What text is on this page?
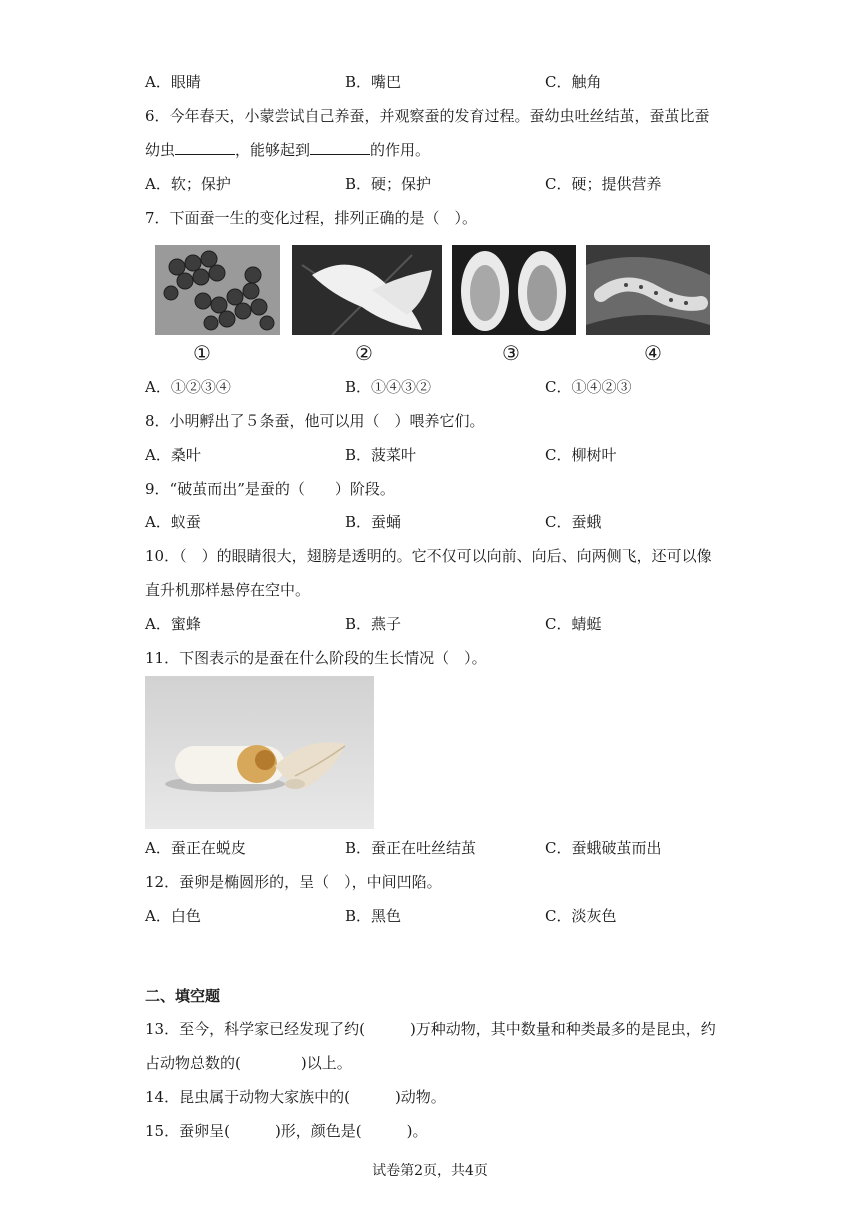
A．眼睛	B．嘴巴	C．触角
6．今年春天，小蒙尝试自己养蚕，并观察蚕的发育过程。蚕幼虫吐丝结茧，蚕茧比蚕
幼虫	，能够起到	的作用。
A．软；保护	B．硬；保护	C．硬；提供营养
7．下面蚕一生的变化过程，排列正确的是（　）。
①	②	③	④
A．①②③④	B．①④③②	C．①④②③
8．小明孵出了５条蚕，他可以用（　）喂养它们。
A．桑叶	B．菠菜叶	C．柳树叶
9．“破茧而出”是蚕的（　　）阶段。
A．蚁蚕	B．蚕蛹	C．蚕蛾
10．（　）的眼睛很大，翅膀是透明的。它不仅可以向前、向后、向两侧飞，还可以像
直升机那样悬停在空中。
A．蜜蜂	B．燕子	C．蜻蜓
11．下图表示的是蚕在什么阶段的生长情况（　）。
A．蚕正在蜕皮	B．蚕正在吐丝结茧	C．蚕蛾破茧而出
12．蚕卵是椭圆形的，呈（　），中间凹陷。
A．白色	B．黑色	C．淡灰色
二、填空题
13．至今，科学家已经发现了约(　　　)万种动物，其中数量和种类最多的是昆虫，约
占动物总数的(　　　　)以上。
14．昆虫属于动物大家族中的(　　　)动物。
15．蚕卵呈(　　　)形，颜色是(　　　)。
试卷第2页，共4页
